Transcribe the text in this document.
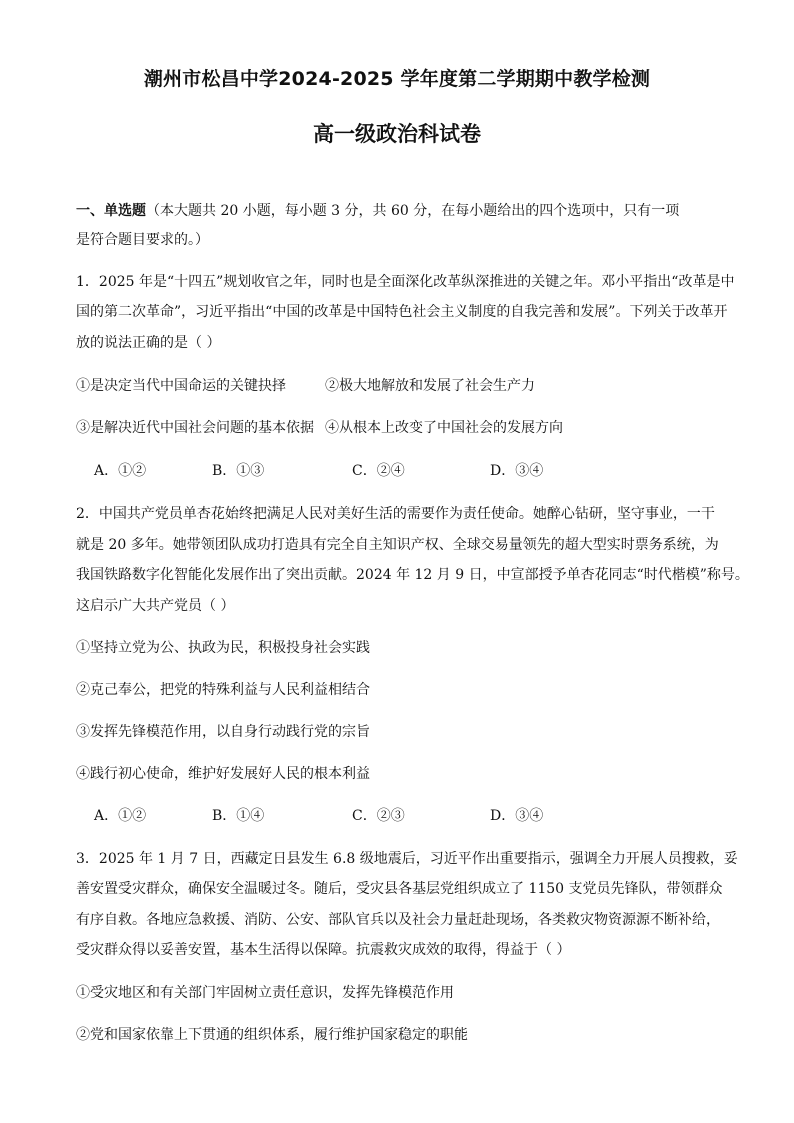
潮州市松昌中学2024-2025 学年度第二学期期中教学检测
高一级政治科试卷
一、单选题（本大题共 20 小题，每小题 3 分，共 60 分，在每小题给出的四个选项中，只有一项
是符合题目要求的。）
1．2025 年是“十四五”规划收官之年，同时也是全面深化改革纵深推进的关键之年。邓小平指出“改革是中
国的第二次革命”，习近平指出“中国的改革是中国特色社会主义制度的自我完善和发展”。下列关于改革开
放的说法正确的是（ ）
①是决定当代中国命运的关键抉择	②极大地解放和发展了社会生产力
③是解决近代中国社会问题的基本依据 ④从根本上改变了中国社会的发展方向
A．①②	B．①③	C．②④	D．③④
2．中国共产党员单杏花始终把满足人民对美好生活的需要作为责任使命。她醉心钻研，坚守事业，一干
就是 20 多年。她带领团队成功打造具有完全自主知识产权、全球交易量领先的超大型实时票务系统，为
我国铁路数字化智能化发展作出了突出贡献。2024 年 12 月 9 日，中宣部授予单杏花同志“时代楷模”称号。
这启示广大共产党员（ ）
①坚持立党为公、执政为民，积极投身社会实践
②克己奉公，把党的特殊利益与人民利益相结合
③发挥先锋模范作用，以自身行动践行党的宗旨
④践行初心使命，维护好发展好人民的根本利益
A．①②	B．①④	C．②③	D．③④
3．2025 年 1 月 7 日，西藏定日县发生 6.8 级地震后，习近平作出重要指示，强调全力开展人员搜救，妥
善安置受灾群众，确保安全温暖过冬。随后，受灾县各基层党组织成立了 1150 支党员先锋队，带领群众
有序自救。各地应急救援、消防、公安、部队官兵以及社会力量赶赴现场，各类救灾物资源源不断补给，
受灾群众得以妥善安置，基本生活得以保障。抗震救灾成效的取得，得益于（ ）
①受灾地区和有关部门牢固树立责任意识，发挥先锋模范作用
②党和国家依靠上下贯通的组织体系，履行维护国家稳定的职能
